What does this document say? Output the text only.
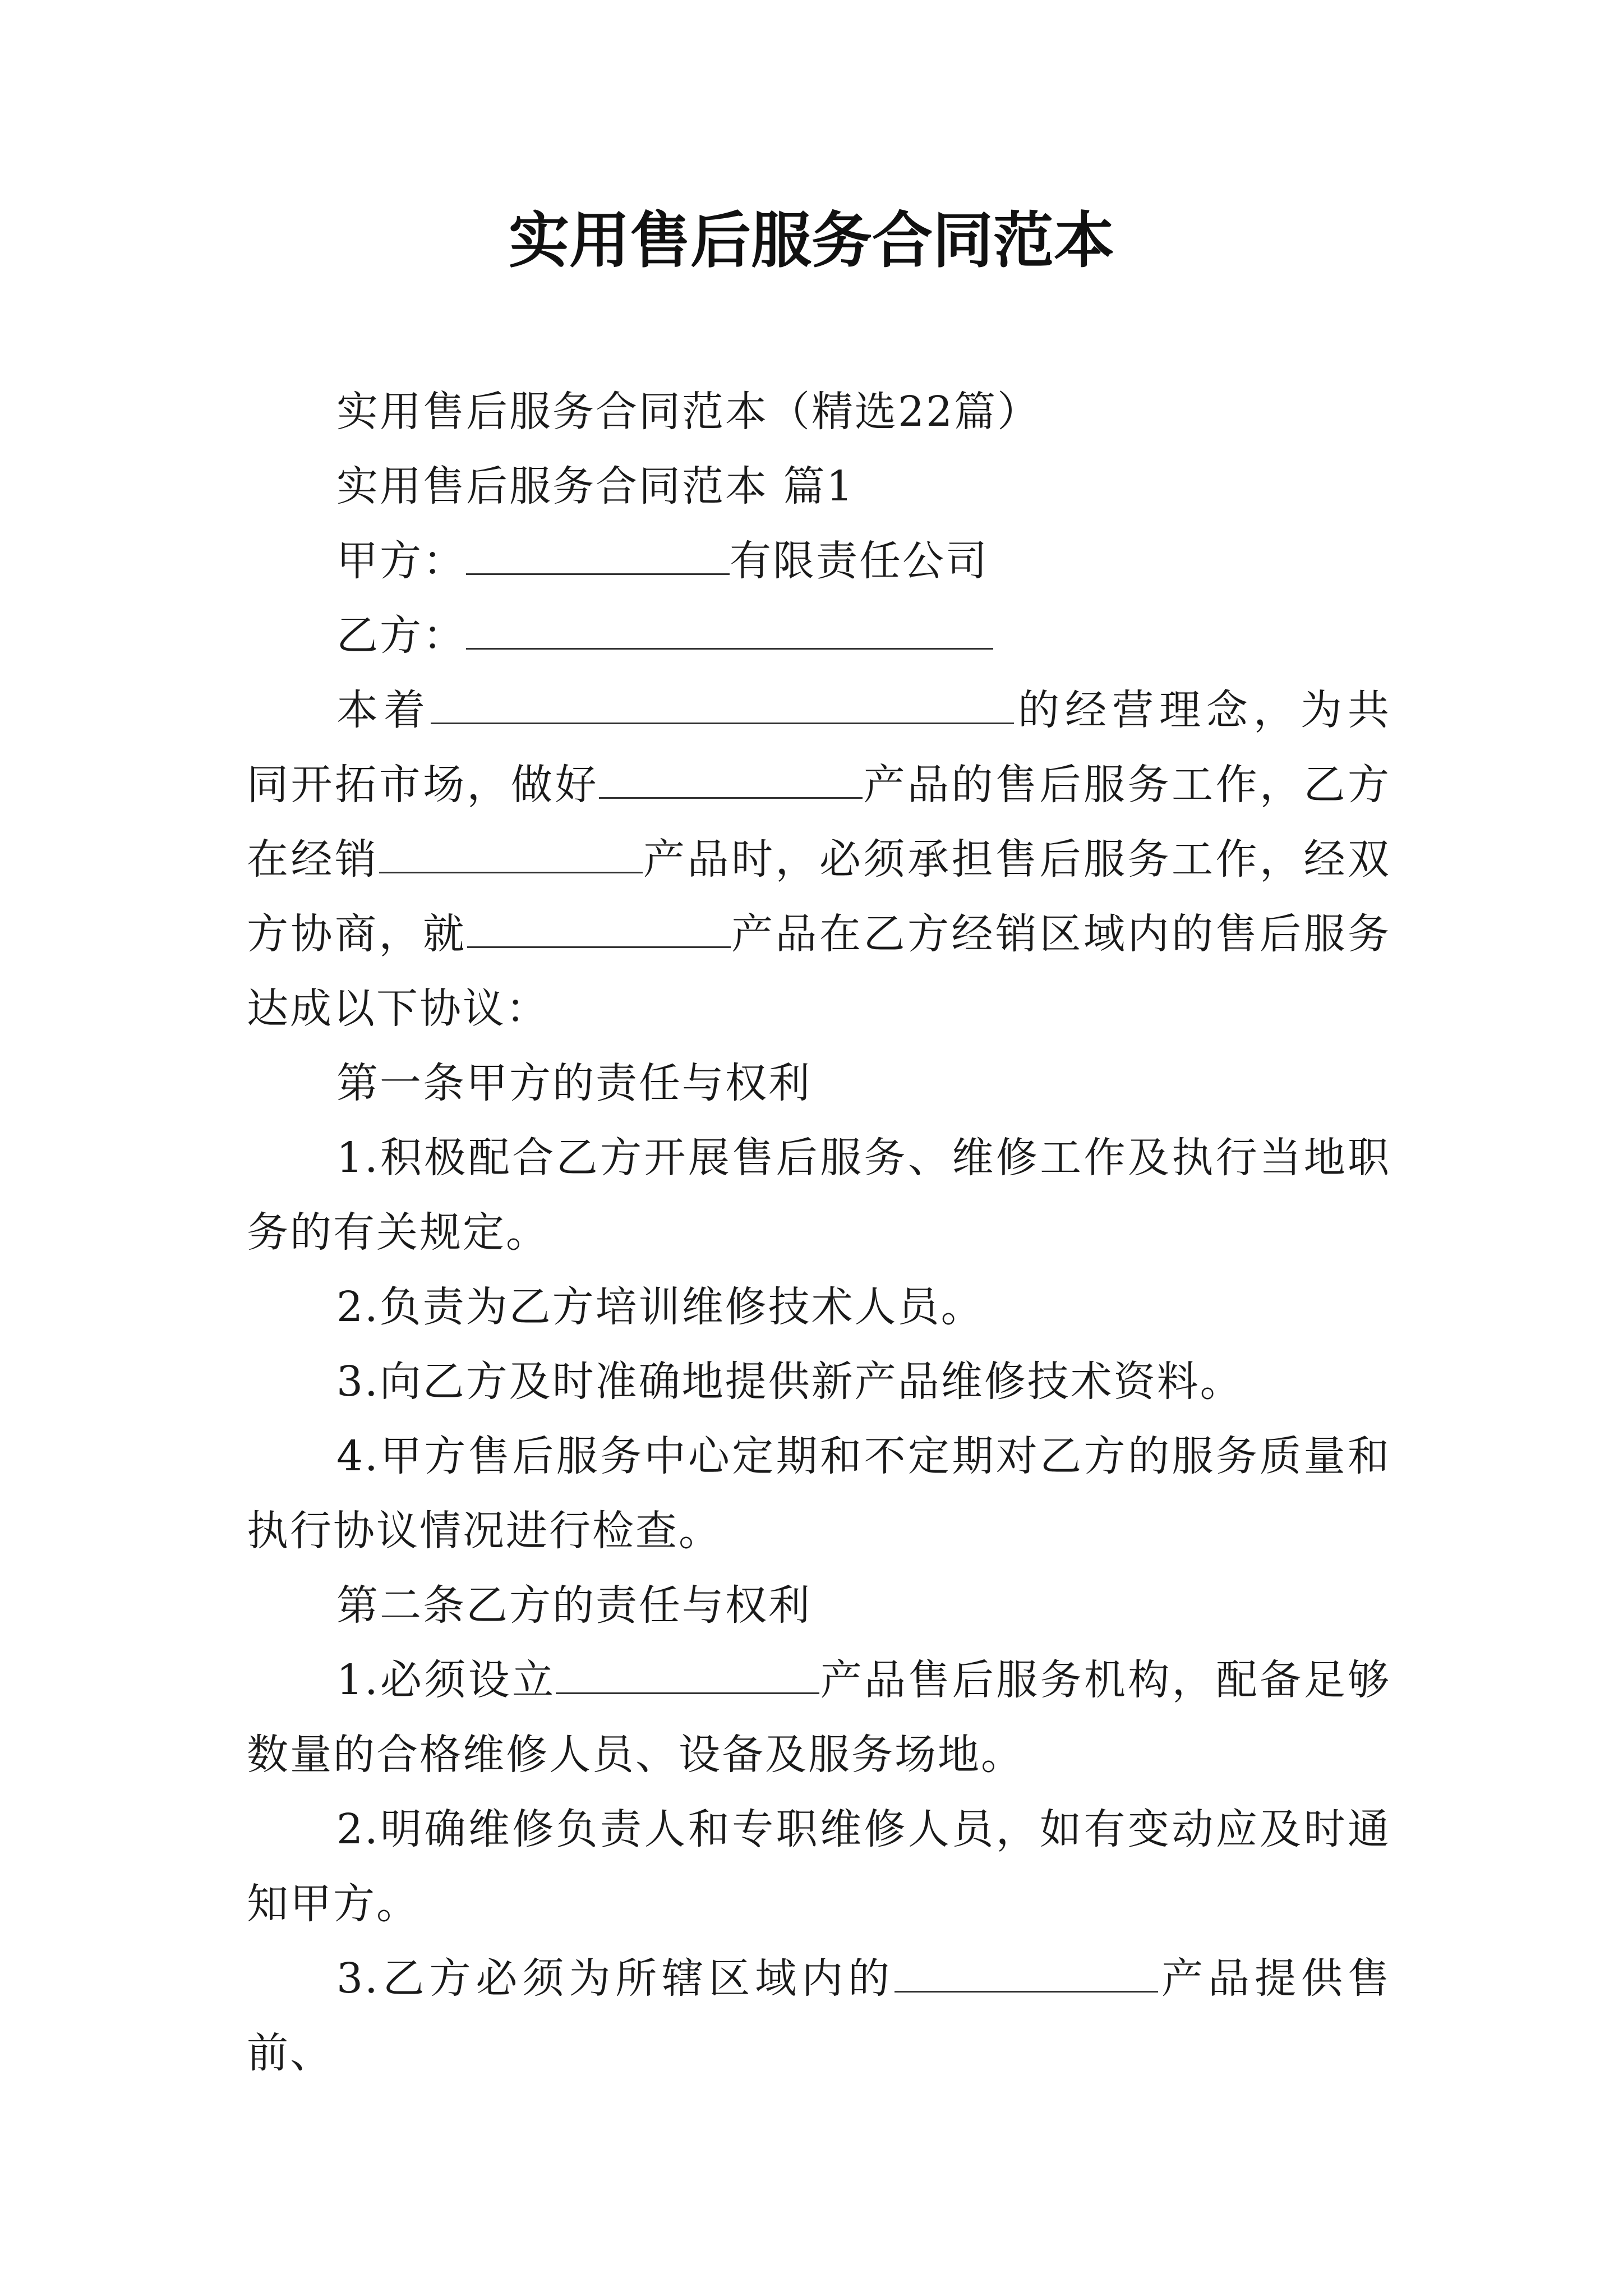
实用售后服务合同范本

实用售后服务合同范本（精选22篇）

实用售后服务合同范本 篇1

甲方：	有限责任公司

乙方：

本着	的经营理念，为共同开拓市场，做好	产品的售后服务工作，乙方在经销	产品时，必须承担售后服务工作，经双方协商，就	产品在乙方经销区域内的售后服务达成以下协议：

第一条甲方的责任与权利

1.积极配合乙方开展售后服务、维修工作及执行当地职务的有关规定。

2.负责为乙方培训维修技术人员。

3.向乙方及时准确地提供新产品维修技术资料。

4.甲方售后服务中心定期和不定期对乙方的服务质量和执行协议情况进行检查。

第二条乙方的责任与权利

1.必须设立	产品售后服务机构，配备足够数量的合格维修人员、设备及服务场地。

2.明确维修负责人和专职维修人员，如有变动应及时通知甲方。

3.乙方必须为所辖区域内的	产品提供售前、
